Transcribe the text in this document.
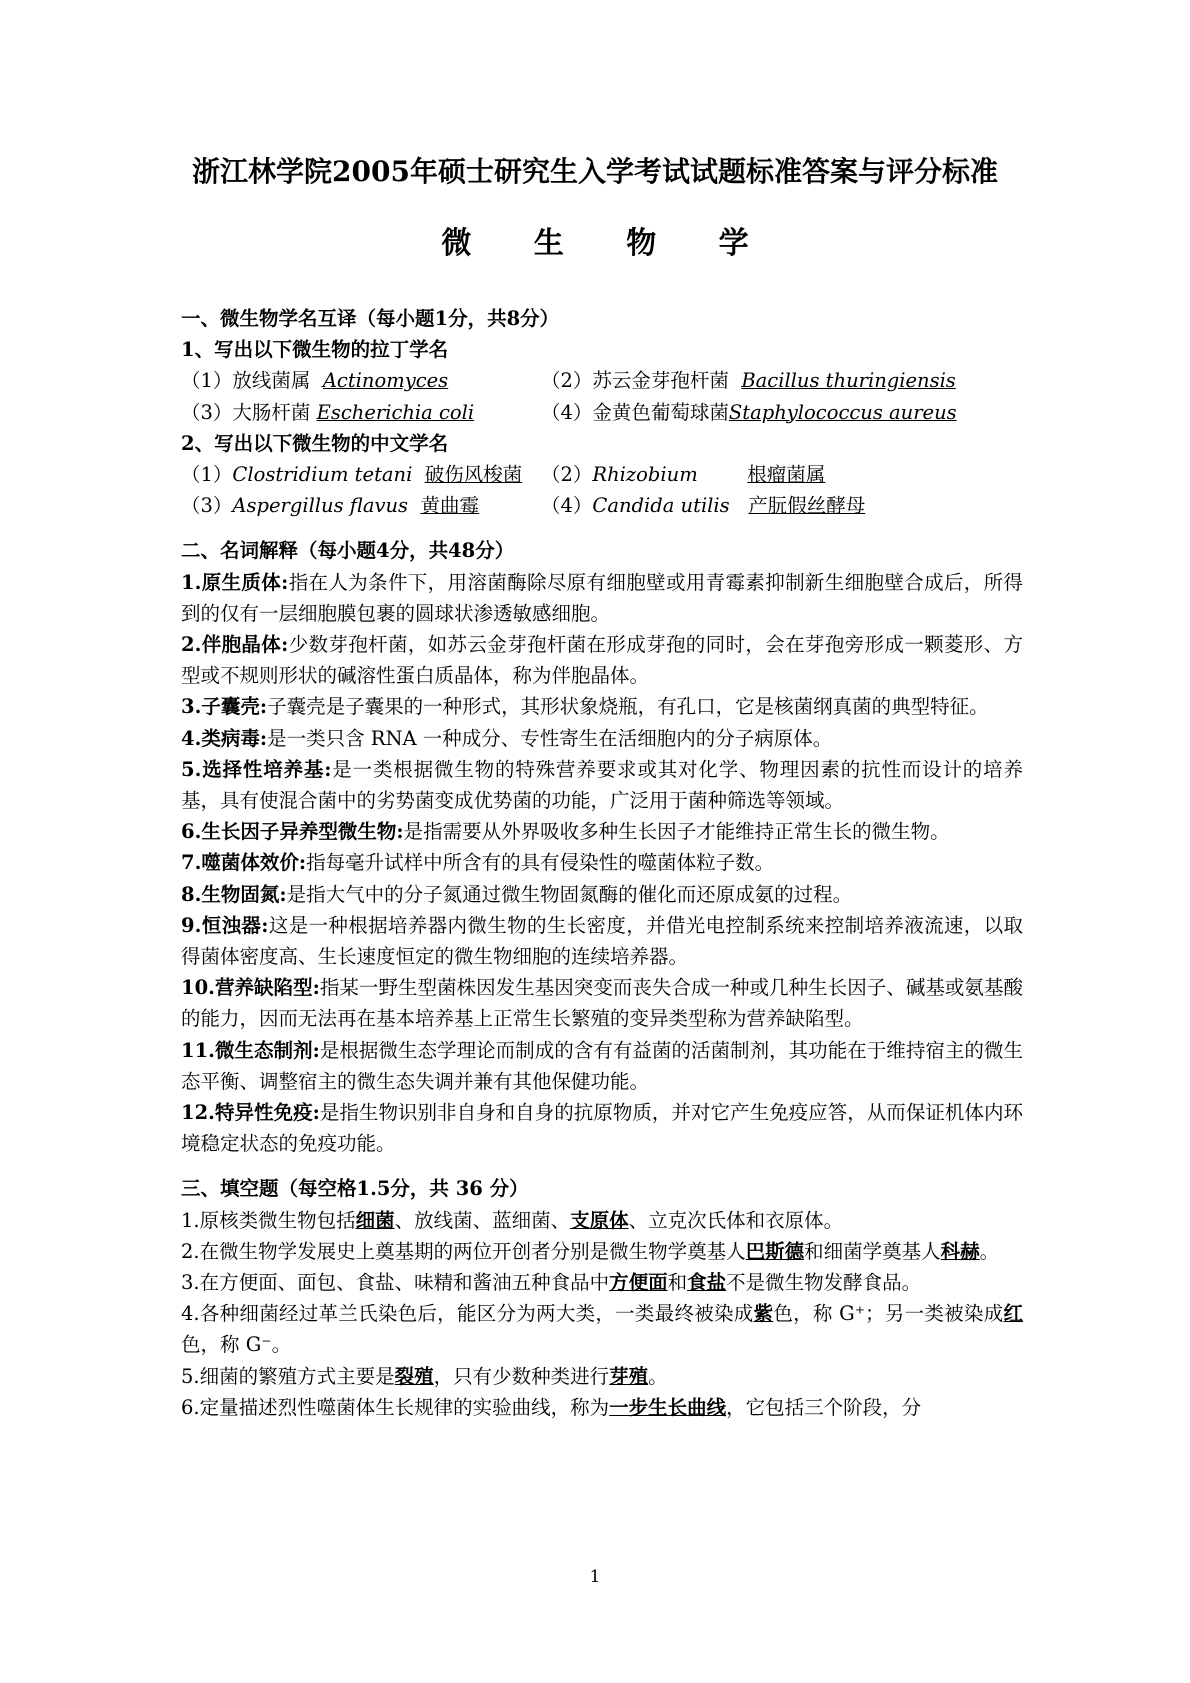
浙江林学院2005年硕士研究生入学考试试题标准答案与评分标准
微 生 物 学
一、微生物学名互译（每小题1分，共8分）
1、写出以下微生物的拉丁学名
（1）放线菌属 Actinomyces	（2）苏云金芽孢杆菌 Bacillus thuringiensis
（3）大肠杆菌 Escherichia coli	（4）金黄色葡萄球菌Staphylococcus aureus
2、写出以下微生物的中文学名
（1）Clostridium tetani 破伤风梭菌 （2）Rhizobium	根瘤菌属
（3）Aspergillus flavus 黄曲霉	（4）Candida utilis 产朊假丝酵母
二、名词解释（每小题4分，共48分）
1.原生质体:指在人为条件下，用溶菌酶除尽原有细胞壁或用青霉素抑制新生细胞壁合成后，所得到的仅有一层细胞膜包裹的圆球状渗透敏感细胞。
2.伴胞晶体:少数芽孢杆菌，如苏云金芽孢杆菌在形成芽孢的同时，会在芽孢旁形成一颗菱形、方型或不规则形状的碱溶性蛋白质晶体，称为伴胞晶体。
3.子囊壳:子囊壳是子囊果的一种形式，其形状象烧瓶，有孔口，它是核菌纲真菌的典型特征。
4.类病毒:是一类只含 RNA 一种成分、专性寄生在活细胞内的分子病原体。
5.选择性培养基:是一类根据微生物的特殊营养要求或其对化学、物理因素的抗性而设计的培养基，具有使混合菌中的劣势菌变成优势菌的功能，广泛用于菌种筛选等领域。
6.生长因子异养型微生物:是指需要从外界吸收多种生长因子才能维持正常生长的微生物。
7.噬菌体效价:指每毫升试样中所含有的具有侵染性的噬菌体粒子数。
8.生物固氮:是指大气中的分子氮通过微生物固氮酶的催化而还原成氨的过程。
9.恒浊器:这是一种根据培养器内微生物的生长密度，并借光电控制系统来控制培养液流速，以取得菌体密度高、生长速度恒定的微生物细胞的连续培养器。
10.营养缺陷型:指某一野生型菌株因发生基因突变而丧失合成一种或几种生长因子、碱基或氨基酸的能力，因而无法再在基本培养基上正常生长繁殖的变异类型称为营养缺陷型。
11.微生态制剂:是根据微生态学理论而制成的含有有益菌的活菌制剂，其功能在于维持宿主的微生态平衡、调整宿主的微生态失调并兼有其他保健功能。
12.特异性免疫:是指生物识别非自身和自身的抗原物质，并对它产生免疫应答，从而保证机体内环境稳定状态的免疫功能。
三、填空题（每空格1.5分，共 36 分）
1.原核类微生物包括细菌、放线菌、蓝细菌、支原体、立克次氏体和衣原体。
2.在微生物学发展史上奠基期的两位开创者分别是微生物学奠基人巴斯德和细菌学奠基人科赫。
3.在方便面、面包、食盐、味精和酱油五种食品中方便面和食盐不是微生物发酵食品。
4.各种细菌经过革兰氏染色后，能区分为两大类，一类最终被染成紫色，称 G⁺；另一类被染成红色，称 G⁻。
5.细菌的繁殖方式主要是裂殖，只有少数种类进行芽殖。
6.定量描述烈性噬菌体生长规律的实验曲线，称为一步生长曲线，它包括三个阶段，分
1
